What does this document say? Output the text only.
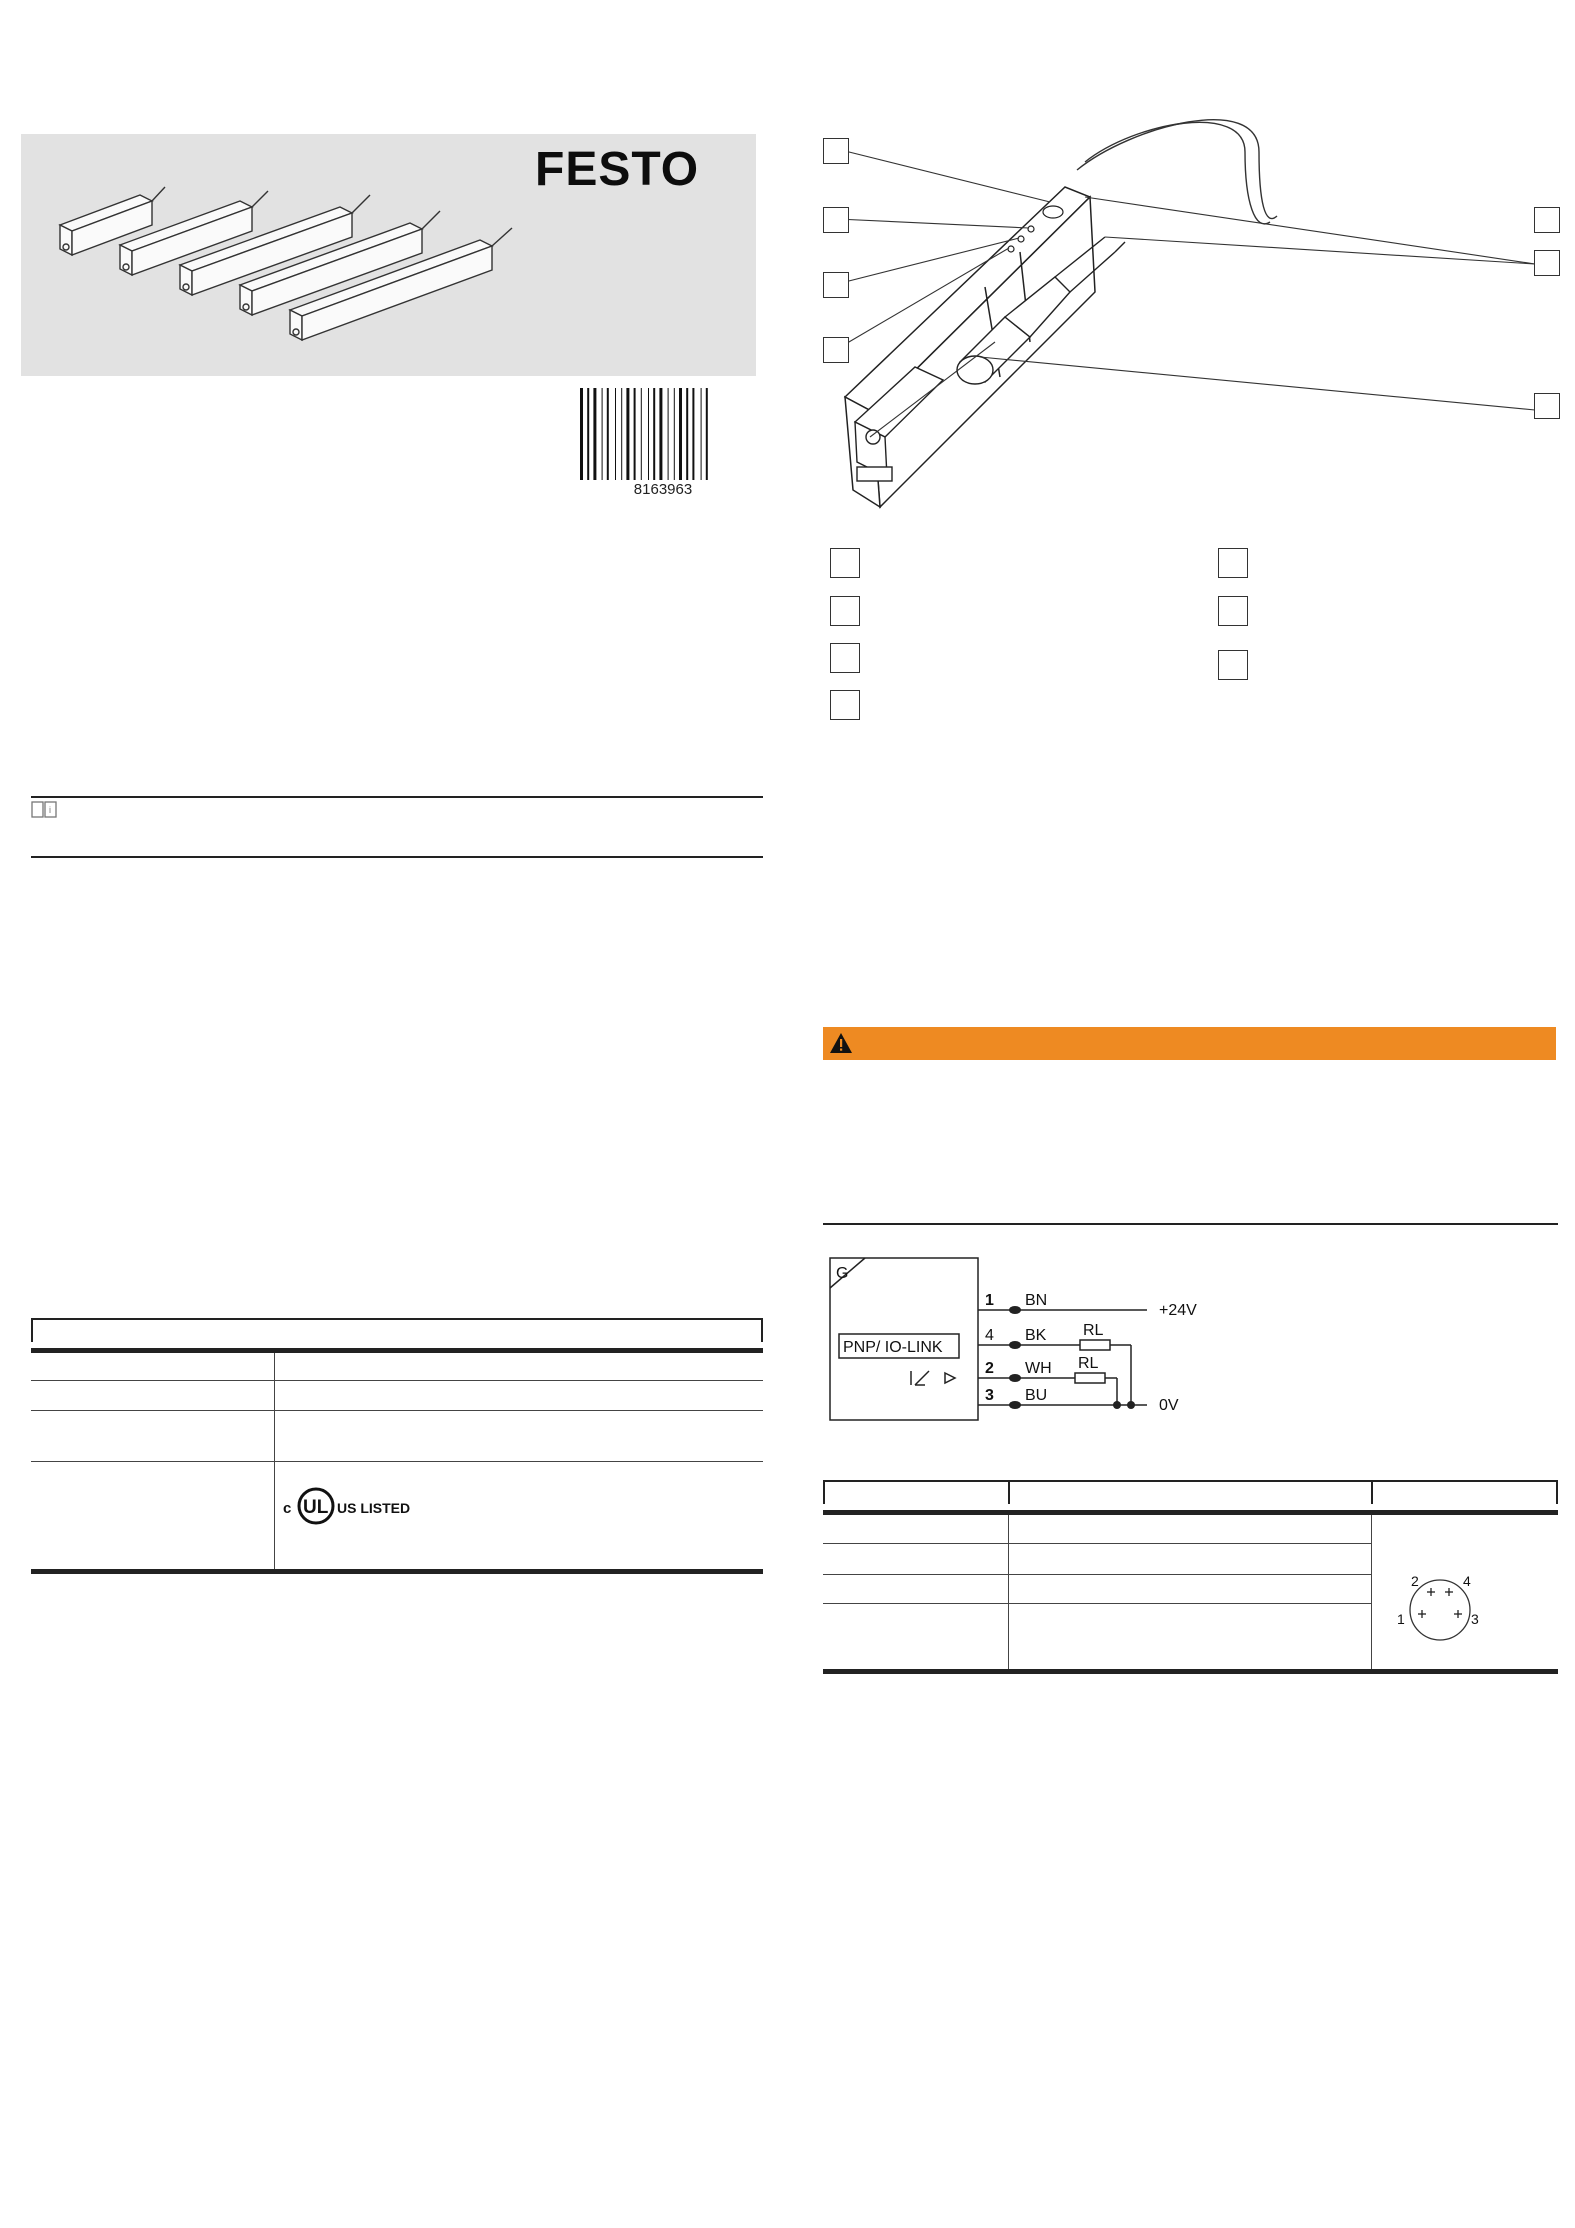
FESTO
8163963
i
c UL US LISTED
G
PNP/ IO-LINK
1
4
2
3
BN
BK
WH
BU
RL
RL
+24V
0V
2	4
1	3
